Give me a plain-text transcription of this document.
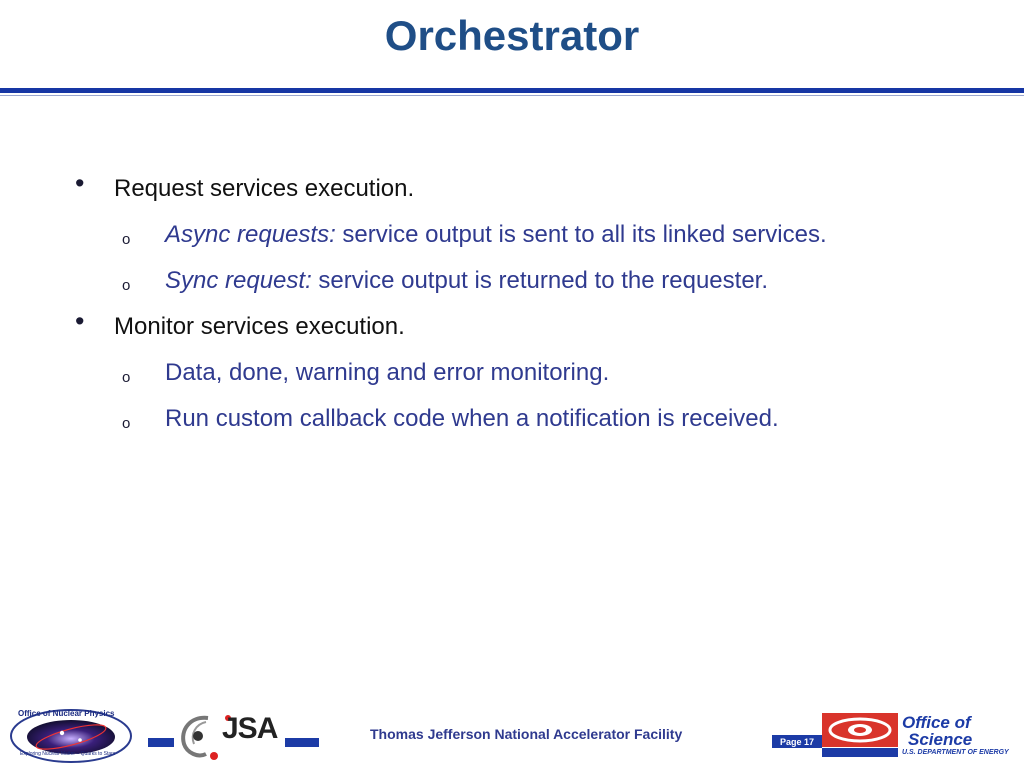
Orchestrator
• Request services execution.
o Async requests: service output is sent to all its linked services.
o Sync request: service output is returned to the requester.
• Monitor services execution.
o Data, done, warning and error monitoring.
o Run custom callback code when a notification is received.
Office of Nuclear Physics
Exploring Nuclear Matter – Quarks to Stars
JSA	Thomas Jefferson National Accelerator Facility	Page 17
Office of
Science
U.S. DEPARTMENT OF ENERGY
